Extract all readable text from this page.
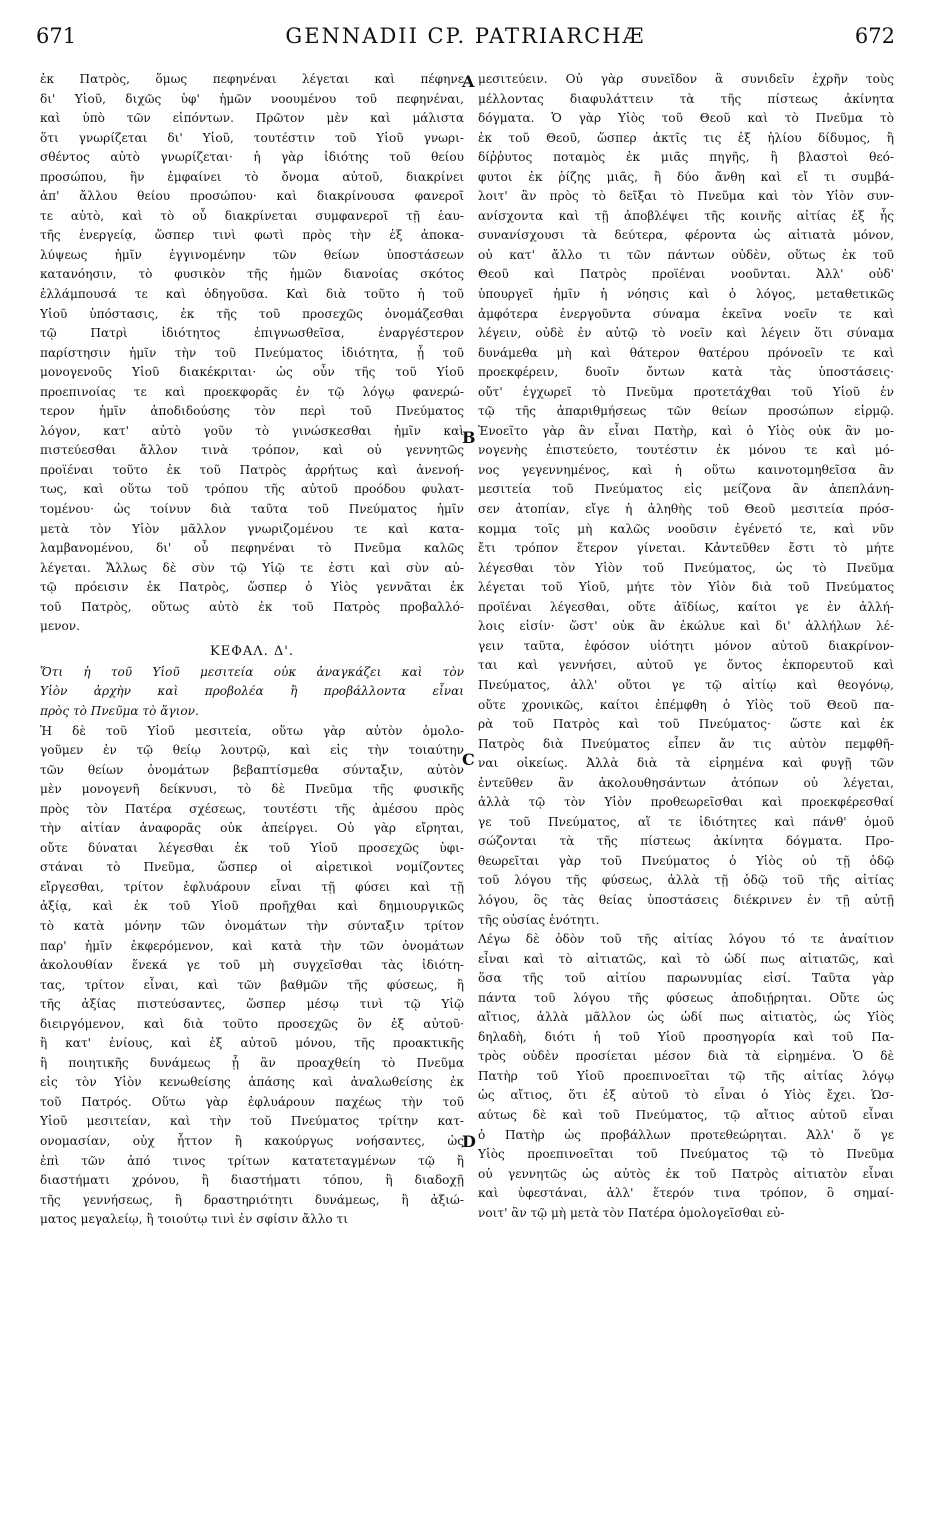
671	GENNADII CP. PATRIARCHÆ	672
A
B
C
D
ἐκ Πατρὸς, ὅμως πεφηνέναι λέγεται καὶ πέφηνε
δι' Υἱοῦ, διχῶς ὑφ' ἡμῶν νοουμένου τοῦ πεφηνέναι,
καὶ ὑπὸ τῶν εἰπόντων. Πρῶτον μὲν καὶ μάλιστα
ὅτι γνωρίζεται δι' Υἱοῦ, τουτέστιν τοῦ Υἱοῦ γνωρι-
σθέντος αὐτὸ γνωρίζεται· ἡ γὰρ ἰδιότης τοῦ θείου
προσώπου, ἣν ἐμφαίνει τὸ ὄνομα αὐτοῦ, διακρίνει
ἀπ' ἄλλου θείου προσώπου· καὶ διακρίνουσα φανεροῖ
τε αὐτὸ, καὶ τὸ οὗ διακρίνεται συμφανεροῖ τῇ ἑαυ-
τῆς ἐνεργείᾳ, ὥσπερ τινὶ φωτὶ πρὸς τὴν ἐξ ἀποκα-
λύψεως ἡμῖν ἐγγινομένην τῶν θείων ὑποστάσεων
κατανόησιν, τὸ φυσικὸν τῆς ἡμῶν διανοίας σκότος
ἐλλάμπουσά τε καὶ ὁδηγοῦσα. Καὶ διὰ τοῦτο ἡ τοῦ
Υἱοῦ ὑπόστασις, ἐκ τῆς τοῦ προσεχῶς ὀνομάζεσθαι
τῷ Πατρὶ ἰδιότητος ἐπιγνωσθεῖσα, ἐναργέστερον
παρίστησιν ἡμῖν τὴν τοῦ Πνεύματος ἰδιότητα, ᾗ τοῦ
μονογενοῦς Υἱοῦ διακέκριται· ὡς οὖν τῆς τοῦ Υἱοῦ
προεπινοίας τε καὶ προεκφορᾶς ἐν τῷ λόγῳ φανερώ-
τερον ἡμῖν ἀποδιδούσης τὸν περὶ τοῦ Πνεύματος
λόγον, κατ' αὐτὸ γοῦν τὸ γινώσκεσθαι ἡμῖν καὶ
πιστεύεσθαι ἄλλον τινὰ τρόπον, καὶ οὐ γεννητῶς
προϊέναι τοῦτο ἐκ τοῦ Πατρὸς ἀρρήτως καὶ ἀνενοή-
τως, καὶ οὕτω τοῦ τρόπου τῆς αὐτοῦ προόδου φυλατ-
τομένου· ὡς τοίνυν διὰ ταῦτα τοῦ Πνεύματος ἡμῖν
μετὰ τὸν Υἱὸν μᾶλλον γνωριζομένου τε καὶ κατα-
λαμβανομένου, δι' οὗ πεφηνέναι τὸ Πνεῦμα καλῶς
λέγεται. Ἄλλως δὲ σὺν τῷ Υἱῷ τε ἐστι καὶ σὺν αὐ-
τῷ πρόεισιν ἐκ Πατρὸς, ὥσπερ ὁ Υἱὸς γεννᾶται ἐκ
τοῦ Πατρὸς, οὕτως αὐτὸ ἐκ τοῦ Πατρὸς προβαλλό-
μενον.
ΚΕΦΑΛ. Δ'.
Ὅτι ἡ τοῦ Υἱοῦ μεσιτεία οὐκ ἀναγκάζει καὶ τὸν
Υἱὸν ἀρχὴν καὶ προβολέα ἢ προβάλλοντα εἶναι
πρὸς τὸ Πνεῦμα τὸ ἅγιον.
Ἡ δὲ τοῦ Υἱοῦ μεσιτεία, οὕτω γὰρ αὐτὸν ὁμολο-
γοῦμεν ἐν τῷ θείῳ λουτρῷ, καὶ εἰς τὴν τοιαύτην
τῶν θείων ὀνομάτων βεβαπτίσμεθα σύνταξιν, αὐτὸν
μὲν μονογενῆ δείκνυσι, τὸ δὲ Πνεῦμα τῆς φυσικῆς
πρὸς τὸν Πατέρα σχέσεως, τουτέστι τῆς ἀμέσου πρὸς
τὴν αἰτίαν ἀναφορᾶς οὐκ ἀπείργει. Οὐ γὰρ εἴρηται,
οὔτε δύναται λέγεσθαι ἐκ τοῦ Υἱοῦ προσεχῶς ὑφι-
στάναι τὸ Πνεῦμα, ὥσπερ οἱ αἱρετικοὶ νομίζοντες
εἴργεσθαι, τρίτον ἐφλυάρουν εἶναι τῇ φύσει καὶ τῇ
ἀξίᾳ, καὶ ἐκ τοῦ Υἱοῦ προῆχθαι καὶ δημιουργικῶς
τὸ κατὰ μόνην τῶν ὀνομάτων τὴν σύνταξιν τρίτον
παρ' ἡμῖν ἐκφερόμενον, καὶ κατὰ τὴν τῶν ὀνομάτων
ἀκολουθίαν ἕνεκά γε τοῦ μὴ συγχεῖσθαι τὰς ἰδιότη-
τας, τρίτον εἶναι, καὶ τῶν βαθμῶν τῆς φύσεως, ἢ
τῆς ἀξίας πιστεύσαντες, ὥσπερ μέσῳ τινὶ τῷ Υἱῷ
διειργόμενον, καὶ διὰ τοῦτο προσεχῶς ὂν ἐξ αὐτοῦ·
ἢ κατ' ἐνίους, καὶ ἐξ αὐτοῦ μόνου, τῆς προακτικῆς
ἢ ποιητικῆς δυνάμεως ᾗ ἂν προαχθείη τὸ Πνεῦμα
εἰς τὸν Υἱὸν κενωθείσης ἁπάσης καὶ ἀναλωθείσης ἐκ
τοῦ Πατρός. Οὕτω γὰρ ἐφλυάρουν παχέως τὴν τοῦ
Υἱοῦ μεσιτείαν, καὶ τὴν τοῦ Πνεύματος τρίτην κατ-
ονομασίαν, οὐχ ἧττον ἢ κακούργως νοήσαντες, ὡς
ἐπὶ τῶν ἀπό τινος τρίτων κατατεταγμένων τῷ ἢ
διαστήματι χρόνου, ἢ διαστήματι τόπου, ἢ διαδοχῇ
τῆς γεννήσεως, ἢ δραστηριότητι δυνάμεως, ἢ ἀξιώ-
ματος μεγαλείῳ, ἢ τοιούτῳ τινὶ ἐν σφίσιν ἄλλο τι
μεσιτεύειν. Οὐ γὰρ συνεῖδον ἃ συνιδεῖν ἐχρῆν τοὺς
μέλλοντας διαφυλάττειν τὰ τῆς πίστεως ἀκίνητα
δόγματα. Ὁ γὰρ Υἱὸς τοῦ Θεοῦ καὶ τὸ Πνεῦμα τὸ
ἐκ τοῦ Θεοῦ, ὥσπερ ἀκτῖς τις ἐξ ἡλίου δίδυμος, ἢ
δίῤῥυτος ποταμὸς ἐκ μιᾶς πηγῆς, ἢ βλαστοὶ θεό-
φυτοι ἐκ ῥίζης μιᾶς, ἢ δύο ἄνθη καὶ εἴ τι συμβά-
λοιτ' ἂν πρὸς τὸ δεῖξαι τὸ Πνεῦμα καὶ τὸν Υἱὸν συν-
ανίσχοντα καὶ τῇ ἀποβλέψει τῆς κοινῆς αἰτίας ἐξ ἧς
συνανίσχουσι τὰ δεύτερα, φέροντα ὡς αἰτιατὰ μόνον,
οὐ κατ' ἄλλο τι τῶν πάντων οὐδὲν, οὕτως ἐκ τοῦ
Θεοῦ καὶ Πατρὸς προϊέναι νοοῦνται. Ἀλλ' οὐδ'
ὑπουργεῖ ἡμῖν ἡ νόησις καὶ ὁ λόγος, μεταθετικῶς
ἀμφότερα ἐνεργοῦντα σύναμα ἐκεῖνα νοεῖν τε καὶ
λέγειν, οὐδὲ ἐν αὐτῷ τὸ νοεῖν καὶ λέγειν ὅτι σύναμα
δυνάμεθα μὴ καὶ θάτερον θατέρου πρόνοεῖν τε καὶ
προεκφέρειν, δυοῖν ὄντων κατὰ τὰς ὑποστάσεις·
οὔτ' ἐγχωρεῖ τὸ Πνεῦμα προτετάχθαι τοῦ Υἱοῦ ἐν
τῷ τῆς ἀπαριθμήσεως τῶν θείων προσώπων εἱρμῷ.
Ἐνοεῖτο γὰρ ἂν εἶναι Πατὴρ, καὶ ὁ Υἱὸς οὐκ ἂν μο-
νογενὴς ἐπιστεύετο, τουτέστιν ἐκ μόνου τε καὶ μό-
νος γεγεννημένος, καὶ ἡ οὕτω καινοτομηθεῖσα ἂν
μεσιτεία τοῦ Πνεύματος εἰς μείζονα ἂν ἀπεπλάνη-
σεν ἀτοπίαν, εἴγε ἡ ἀληθὴς τοῦ Θεοῦ μεσιτεία πρόσ-
κομμα τοῖς μὴ καλῶς νοοῦσιν ἐγένετό τε, καὶ νῦν
ἔτι τρόπον ἕτερον γίνεται. Κἀντεῦθεν ἔστι τὸ μήτε
λέγεσθαι τὸν Υἱὸν τοῦ Πνεύματος, ὡς τὸ Πνεῦμα
λέγεται τοῦ Υἱοῦ, μήτε τὸν Υἱὸν διὰ τοῦ Πνεύματος
προϊέναι λέγεσθαι, οὔτε ἀϊδίως, καίτοι γε ἐν ἀλλή-
λοις εἰσίν· ὥστ' οὐκ ἂν ἐκώλυε καὶ δι' ἀλλήλων λέ-
γειν ταῦτα, ἐφόσον υἱότητι μόνον αὐτοῦ διακρίνον-
ται καὶ γεννήσει, αὐτοῦ γε ὄντος ἐκπορευτοῦ καὶ
Πνεύματος, ἀλλ' οὔτοι γε τῷ αἰτίῳ καὶ θεογόνῳ,
οὔτε χρονικῶς, καίτοι ἐπέμφθη ὁ Υἱὸς τοῦ Θεοῦ πα-
ρὰ τοῦ Πατρὸς καὶ τοῦ Πνεύματος· ὥστε καὶ ἐκ
Πατρὸς διὰ Πνεύματος εἶπεν ἄν τις αὐτὸν πεμφθῆ-
ναι οἰκείως. Ἀλλὰ διὰ τὰ εἰρημένα καὶ φυγῇ τῶν
ἐντεῦθεν ἂν ἀκολουθησάντων ἀτόπων οὐ λέγεται,
ἀλλὰ τῷ τὸν Υἱὸν προθεωρεῖσθαι καὶ προεκφέρεσθαί
γε τοῦ Πνεύματος, αἵ τε ἰδιότητες καὶ πάνθ' ὁμοῦ
σώζονται τὰ τῆς πίστεως ἀκίνητα δόγματα. Προ-
θεωρεῖται γὰρ τοῦ Πνεύματος ὁ Υἱὸς οὐ τῇ ὁδῷ
τοῦ λόγου τῆς φύσεως, ἀλλὰ τῇ ὁδῷ τοῦ τῆς αἰτίας
λόγου, ὃς τὰς θείας ὑποστάσεις διέκρινεν ἐν τῇ αὐτῇ
τῆς οὐσίας ἑνότητι.
Λέγω δὲ ὁδὸν τοῦ τῆς αἰτίας λόγου τό τε ἀναίτιον
εἶναι καὶ τὸ αἰτιατῶς, καὶ τὸ ὡδί πως αἰτιατῶς, καὶ
ὅσα τῆς τοῦ αἰτίου παρωνυμίας εἰσί. Ταῦτα γὰρ
πάντα τοῦ λόγου τῆς φύσεως ἀποδιῄρηται. Οὔτε ὡς
αἴτιος, ἀλλὰ μᾶλλον ὡς ὡδί πως αἰτιατὸς, ὡς Υἱὸς
δηλαδὴ, διότι ἡ τοῦ Υἱοῦ προσηγορία καὶ τοῦ Πα-
τρὸς οὐδὲν προσίεται μέσον διὰ τὰ εἰρημένα. Ὁ δὲ
Πατὴρ τοῦ Υἱοῦ προεπινοεῖται τῷ τῆς αἰτίας λόγῳ
ὡς αἴτιος, ὅτι ἐξ αὐτοῦ τὸ εἶναι ὁ Υἱὸς ἔχει. Ὡσ-
αύτως δὲ καὶ τοῦ Πνεύματος, τῷ αἴτιος αὐτοῦ εἶναι
ὁ Πατὴρ ὡς προβάλλων προτεθεώρηται. Ἀλλ' ὅ γε
Υἱὸς προεπινοεῖται τοῦ Πνεύματος τῷ τὸ Πνεῦμα
οὐ γεννητῶς ὡς αὐτὸς ἐκ τοῦ Πατρὸς αἰτιατὸν εἶναι
καὶ ὑφεστάναι, ἀλλ' ἕτερόν τινα τρόπον, ὃ σημαί-
νοιτ' ἂν τῷ μὴ μετὰ τὸν Πατέρα ὁμολογεῖσθαι εὐ-
